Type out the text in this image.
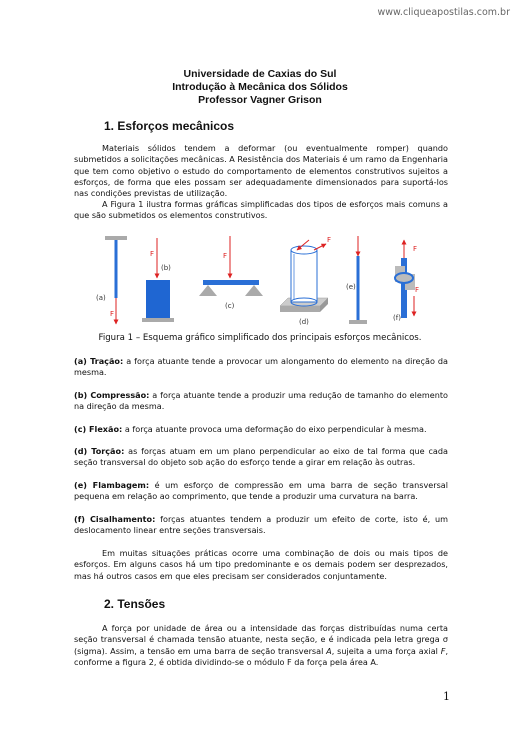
www.cliqueapostilas.com.br
Universidade de Caxias do Sul
Introdução à Mecânica dos Sólidos
Professor Vagner Grison
1. Esforços mecânicos
Materiais sólidos tendem a deformar (ou eventualmente romper) quando submetidos a solicitações mecânicas. A Resistência dos Materiais é um ramo da Engenharia que tem como objetivo o estudo do comportamento de elementos construtivos sujeitos a esforços, de forma que eles possam ser adequadamente dimensionados para suportá-los nas condições previstas de utilização.
A Figura 1 ilustra formas gráficas simplificadas dos tipos de esforços mais comuns a que são submetidos os elementos construtivos.
F
(a)
F
(b)
F
(c)
F
(d)
(e)
F
F
(f)
Figura 1 – Esquema gráfico simplificado dos principais esforços mecânicos.
(a) Tração: a força atuante tende a provocar um alongamento do elemento na direção da mesma.
(b) Compressão: a força atuante tende a produzir uma redução de tamanho do elemento na direção da mesma.
(c) Flexão: a força atuante provoca uma deformação do eixo perpendicular à mesma.
(d) Torção: as forças atuam em um plano perpendicular ao eixo de tal forma que cada seção transversal do objeto sob ação do esforço tende a girar em relação às outras.
(e) Flambagem: é um esforço de compressão em uma barra de seção transversal pequena em relação ao comprimento, que tende a produzir uma curvatura na barra.
(f) Cisalhamento: forças atuantes tendem a produzir um efeito de corte, isto é, um deslocamento linear entre seções transversais.
Em muitas situações práticas ocorre uma combinação de dois ou mais tipos de esforços. Em alguns casos há um tipo predominante e os demais podem ser desprezados, mas há outros casos em que eles precisam ser considerados conjuntamente.
2. Tensões
A força por unidade de área ou a intensidade das forças distribuídas numa certa seção transversal é chamada tensão atuante, nesta seção, e é indicada pela letra grega σ (sigma). Assim, a tensão em uma barra de seção transversal A, sujeita a uma força axial F, conforme a figura 2, é obtida dividindo-se o módulo F da força pela área A.
1
